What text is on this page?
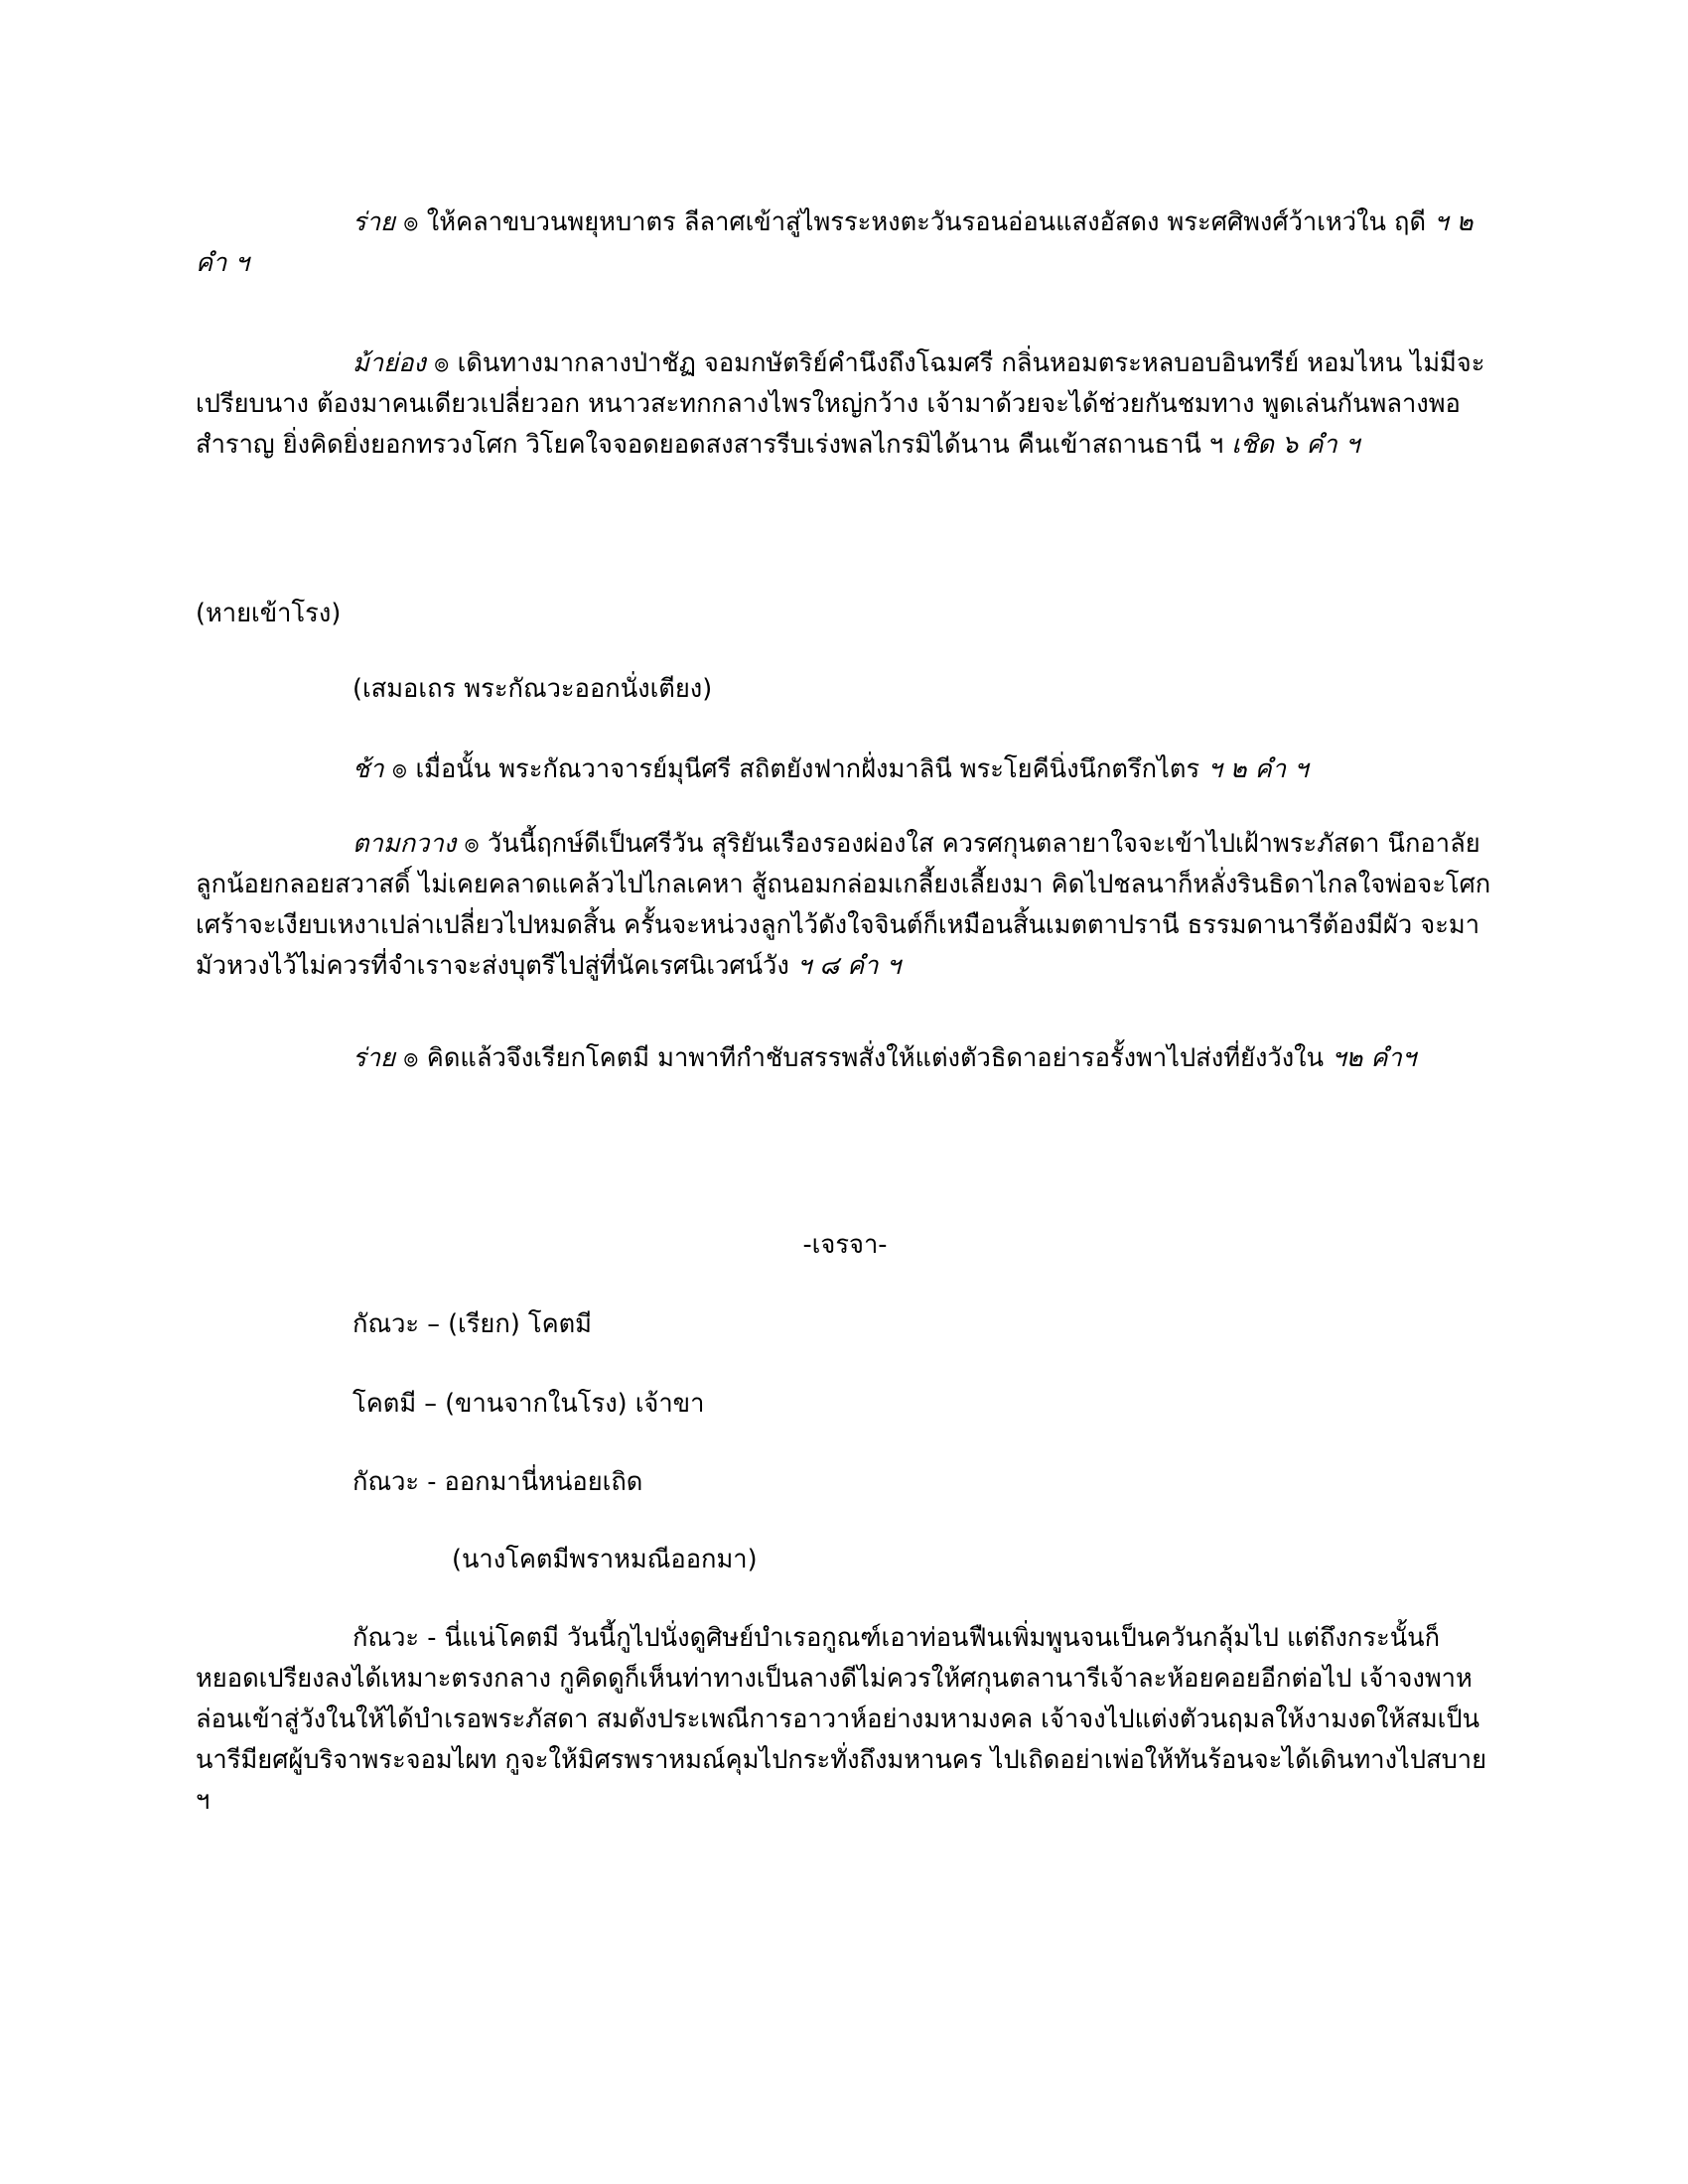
ร่าย ๏ ให้คลาขบวนพยุหบาตร ลีลาศเข้าสู่ไพรระหงตะวันรอนอ่อนแสงอัสดง พระศศิพงศ์ว้าเหว่ใน ฤดี ฯ ๒ คำ ฯ

ม้าย่อง ๏ เดินทางมากลางป่าชัฏ จอมกษัตริย์คำนึงถึงโฉมศรี กลิ่นหอมตระหลบอบอินทรีย์ หอมไหน ไม่มีจะเปรียบนาง ต้องมาคนเดียวเปลี่ยวอก หนาวสะทกกลางไพรใหญ่กว้าง เจ้ามาด้วยจะได้ช่วยกันชมทาง พูดเล่นกันพลางพอสำราญ ยิ่งคิดยิ่งยอกทรวงโศก วิโยคใจจอดยอดสงสารรีบเร่งพลไกรมิได้นาน คืนเข้าสถานธานี ฯ เชิด ๖ คำ ฯ

(หายเข้าโรง)

(เสมอเถร พระกัณวะออกนั่งเตียง)

ช้า ๏ เมื่อนั้น พระกัณวาจารย์มุนีศรี สถิตยังฟากฝั่งมาลินี พระโยคีนิ่งนึกตรึกไตร ฯ ๒ คำ ฯ

ตามกวาง ๏ วันนี้ฤกษ์ดีเป็นศรีวัน สุริยันเรืองรองผ่องใส ควรศกุนตลายาใจจะเข้าไปเฝ้าพระภัสดา นึกอาลัยลูกน้อยกลอยสวาสดิ์ ไม่เคยคลาดแคล้วไปไกลเคหา สู้ถนอมกล่อมเกลี้ยงเลี้ยงมา คิดไปชลนาก็หลั่งรินธิดาไกลใจพ่อจะโศกเศร้าจะเงียบเหงาเปล่าเปลี่ยวไปหมดสิ้น ครั้นจะหน่วงลูกไว้ดังใจจินต์ก็เหมือนสิ้นเมตตาปรานี ธรรมดานารีต้องมีผัว จะมามัวหวงไว้ไม่ควรที่จำเราจะส่งบุตรีไปสู่ที่นัคเรศนิเวศน์วัง ฯ ๘ คำ ฯ

ร่าย ๏ คิดแล้วจึงเรียกโคตมี มาพาทีกำชับสรรพสั่งให้แต่งตัวธิดาอย่ารอรั้งพาไปส่งที่ยังวังใน ฯ๒ คำฯ

-เจรจา-

กัณวะ – (เรียก) โคตมี

โคตมี – (ขานจากในโรง) เจ้าขา

กัณวะ - ออกมานี่หน่อยเถิด

(นางโคตมีพราหมณีออกมา)

กัณวะ - นี่แน่โคตมี วันนี้กูไปนั่งดูศิษย์บำเรอกูณฑ์เอาท่อนฟืนเพิ่มพูนจนเป็นควันกลุ้มไป แต่ถึงกระนั้นก็หยอดเปรียงลงได้เหมาะตรงกลาง กูคิดดูก็เห็นท่าทางเป็นลางดีไม่ควรให้ศกุนตลานารีเจ้าละห้อยคอยอีกต่อไป เจ้าจงพาหล่อนเข้าสู่วังในให้ได้บำเรอพระภัสดา สมดังประเพณีการอาวาห์อย่างมหามงคล เจ้าจงไปแต่งตัวนฤมลให้งามงดให้สมเป็นนารีมียศผู้บริจาพระจอมไผท กูจะให้มิศรพราหมณ์คุมไปกระทั่งถึงมหานคร ไปเถิดอย่าเพ่อให้ทันร้อนจะได้เดินทางไปสบาย ฯ
